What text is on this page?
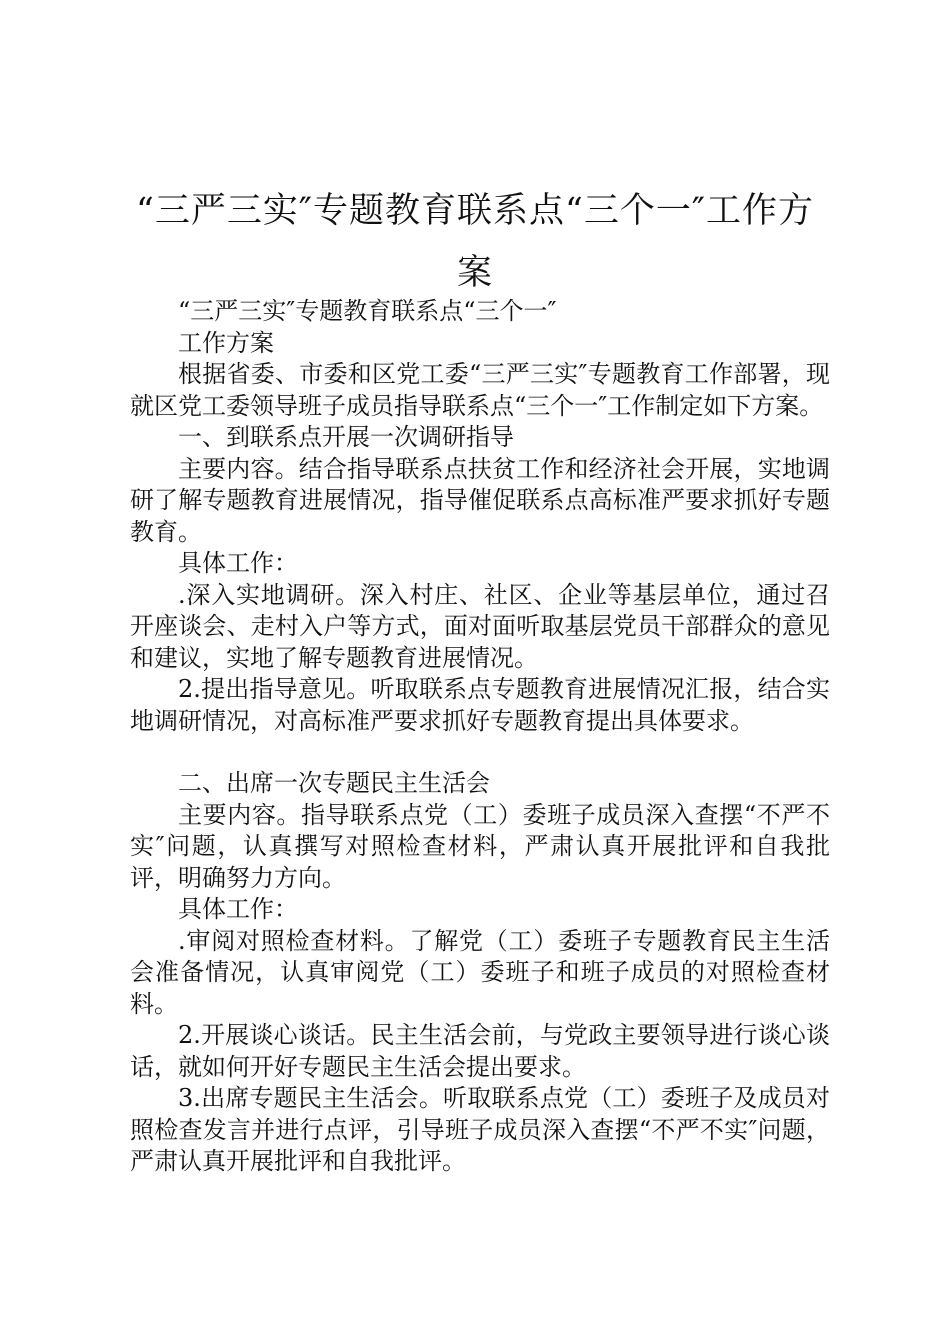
“三严三实″专题教育联系点“三个一″工作方
案

“三严三实″专题教育联系点“三个一″

工作方案

根据省委、市委和区党工委“三严三实″专题教育工作部署，现就区党工委领导班子成员指导联系点“三个一″工作制定如下方案。

一、到联系点开展一次调研指导

主要内容。结合指导联系点扶贫工作和经济社会开展，实地调研了解专题教育进展情况，指导催促联系点高标准严要求抓好专题教育。

具体工作：

.深入实地调研。深入村庄、社区、企业等基层单位，通过召开座谈会、走村入户等方式，面对面听取基层党员干部群众的意见和建议，实地了解专题教育进展情况。

2.提出指导意见。听取联系点专题教育进展情况汇报，结合实地调研情况，对高标准严要求抓好专题教育提出具体要求。

二、出席一次专题民主生活会

主要内容。指导联系点党（工）委班子成员深入查摆“不严不实″问题，认真撰写对照检查材料，严肃认真开展批评和自我批评，明确努力方向。

具体工作：

.审阅对照检查材料。了解党（工）委班子专题教育民主生活会准备情况，认真审阅党（工）委班子和班子成员的对照检查材料。

2.开展谈心谈话。民主生活会前，与党政主要领导进行谈心谈话，就如何开好专题民主生活会提出要求。

3.出席专题民主生活会。听取联系点党（工）委班子及成员对照检查发言并进行点评，引导班子成员深入查摆“不严不实″问题，严肃认真开展批评和自我批评。
